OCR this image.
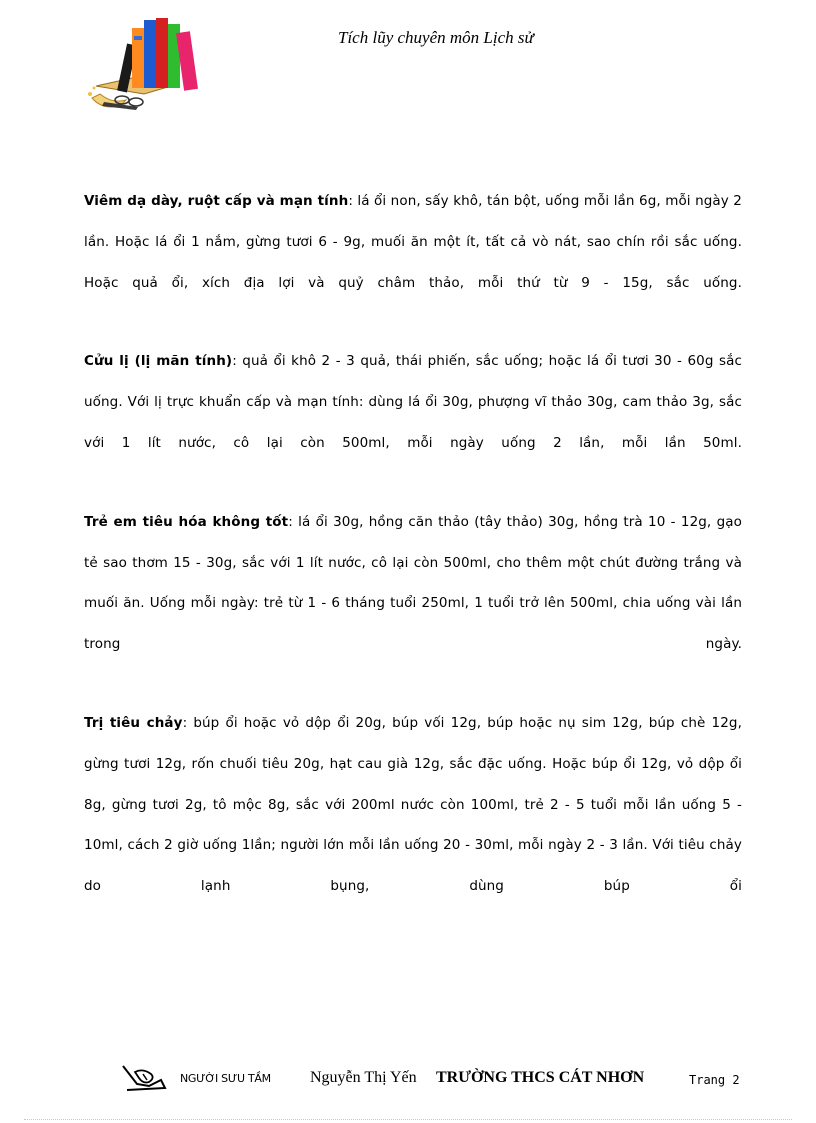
Tích lũy chuyên môn Lịch sử

Viêm dạ dày, ruột cấp và mạn tính: lá ổi non, sấy khô, tán bột, uống mỗi lần 6g, mỗi ngày 2 lần. Hoặc lá ổi 1 nắm, gừng tươi 6 - 9g, muối ăn một ít, tất cả vò nát, sao chín rồi sắc uống. Hoặc quả ổi, xích địa lợi và quỷ châm thảo, mỗi thứ từ 9 - 15g, sắc uống.

Cửu lị (lị mãn tính): quả ổi khô 2 - 3 quả, thái phiến, sắc uống; hoặc lá ổi tươi 30 - 60g sắc uống. Với lị trực khuẩn cấp và mạn tính: dùng lá ổi 30g, phượng vĩ thảo 30g, cam thảo 3g, sắc với 1 lít nước, cô lại còn 500ml, mỗi ngày uống 2 lần, mỗi lần 50ml.

Trẻ em tiêu hóa không tốt: lá ổi 30g, hồng căn thảo (tây thảo) 30g, hồng trà 10 - 12g, gạo tẻ sao thơm 15 - 30g, sắc với 1 lít nước, cô lại còn 500ml, cho thêm một chút đường trắng và muối ăn. Uống mỗi ngày: trẻ từ 1 - 6 tháng tuổi 250ml, 1 tuổi trở lên 500ml, chia uống vài lần trong ngày.

Trị tiêu chảy: búp ổi hoặc vỏ dộp ổi 20g, búp vối 12g, búp hoặc nụ sim 12g, búp chè 12g, gừng tươi 12g, rốn chuối tiêu 20g, hạt cau già 12g, sắc đặc uống. Hoặc búp ổi 12g, vỏ dộp ổi 8g, gừng tươi 2g, tô mộc 8g, sắc với 200ml nước còn 100ml, trẻ 2 - 5 tuổi mỗi lần uống 5 - 10ml, cách 2 giờ uống 1lần; người lớn mỗi lần uống 20 - 30ml, mỗi ngày 2 - 3 lần. Với tiêu chảy do lạnh bụng, dùng búp ổi

NGƯỜI SƯU TẦM Nguyễn Thị Yến TRƯỜNG THCS CÁT NHƠN	Trang 2
